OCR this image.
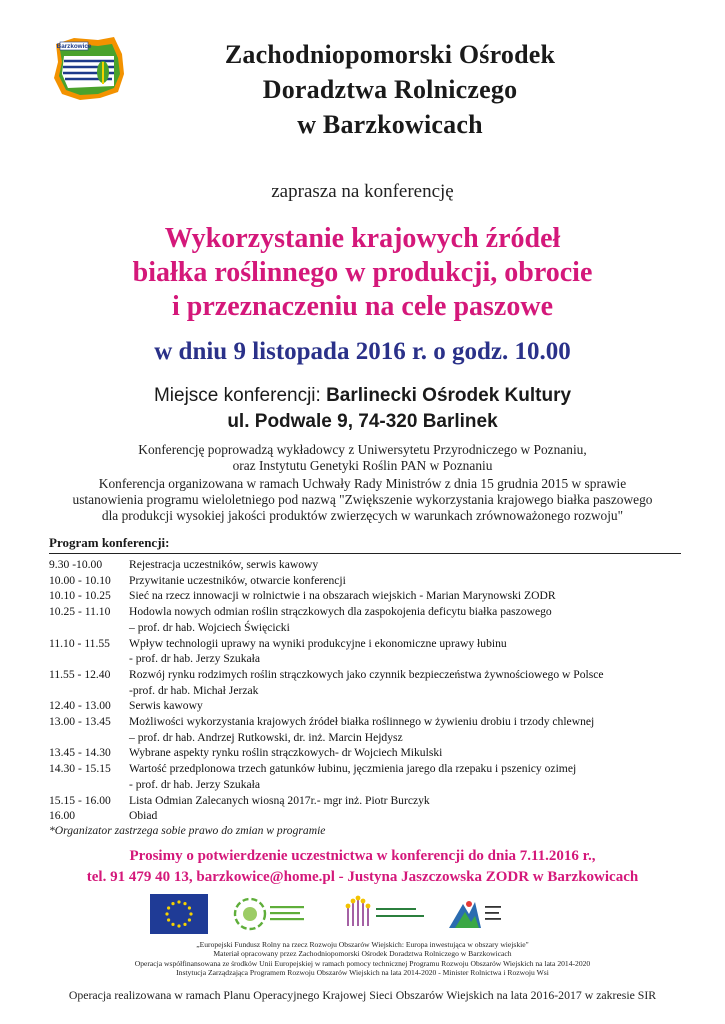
Barzkowice	Zachodniopomorski Ośrodek
Doradztwa Rolniczego
w Barzkowicach
zaprasza na konferencję
Wykorzystanie krajowych źródeł
białka roślinnego w produkcji, obrocie
i przeznaczeniu na cele paszowe
w dniu 9 listopada 2016 r. o godz. 10.00
Miejsce konferencji: Barlinecki Ośrodek Kultury
ul. Podwale 9, 74-320 Barlinek
Konferencję poprowadzą wykładowcy z Uniwersytetu Przyrodniczego w Poznaniu,
oraz Instytutu Genetyki Roślin PAN w Poznaniu
Konferencja organizowana w ramach Uchwały Rady Ministrów z dnia 15 grudnia 2015 w sprawie
ustanowienia programu wieloletniego pod nazwą "Zwiększenie wykorzystania krajowego białka paszowego
dla produkcji wysokiej jakości produktów zwierzęcych w warunkach zrównoważonego rozwoju"
Program konferencji:
9.30 -10.00 Rejestracja uczestników, serwis kawowy
10.00 - 10.10 Przywitanie uczestników, otwarcie konferencji
10.10 - 10.25 Sieć na rzecz innowacji w rolnictwie i na obszarach wiejskich - Marian Marynowski ZODR
10.25 - 11.10 Hodowla nowych odmian roślin strączkowych dla zaspokojenia deficytu białka paszowego
– prof. dr hab. Wojciech Święcicki
11.10 - 11.55 Wpływ technologii uprawy na wyniki produkcyjne i ekonomiczne uprawy łubinu
- prof. dr hab. Jerzy Szukała
11.55 - 12.40 Rozwój rynku rodzimych roślin strączkowych jako czynnik bezpieczeństwa żywnościowego w Polsce
-prof. dr hab. Michał Jerzak
12.40 - 13.00 Serwis kawowy
13.00 - 13.45 Możliwości wykorzystania krajowych źródeł białka roślinnego w żywieniu drobiu i trzody chlewnej
– prof. dr hab. Andrzej Rutkowski, dr. inż. Marcin Hejdysz
13.45 - 14.30 Wybrane aspekty rynku roślin strączkowych- dr Wojciech Mikulski
14.30 - 15.15 Wartość przedplonowa trzech gatunków łubinu, jęczmienia jarego dla rzepaku i pszenicy ozimej
- prof. dr hab. Jerzy Szukała
15.15 - 16.00 Lista Odmian Zalecanych wiosną 2017r.- mgr inż. Piotr Burczyk
16.00	Obiad
*Organizator zastrzega sobie prawo do zmian w programie
Prosimy o potwierdzenie uczestnictwa w konferencji do dnia 7.11.2016 r.,
tel. 91 479 40 13, barzkowice@home.pl - Justyna Jaszczowska ZODR w Barzkowicach
„Europejski Fundusz Rolny na rzecz Rozwoju Obszarów Wiejskich: Europa inwestująca w obszary wiejskie"
Materiał opracowany przez Zachodniopomorski Ośrodek Doradztwa Rolniczego w Barzkowicach
Operacja współfinansowana ze środków Unii Europejskiej w ramach pomocy technicznej Programu Rozwoju Obszarów Wiejskich na lata 2014-2020
Instytucja Zarządzająca Programem Rozwoju Obszarów Wiejskich na lata 2014-2020 - Minister Rolnictwa i Rozwoju Wsi
Operacja realizowana w ramach Planu Operacyjnego Krajowej Sieci Obszarów Wiejskich na lata 2016-2017 w zakresie SIR
